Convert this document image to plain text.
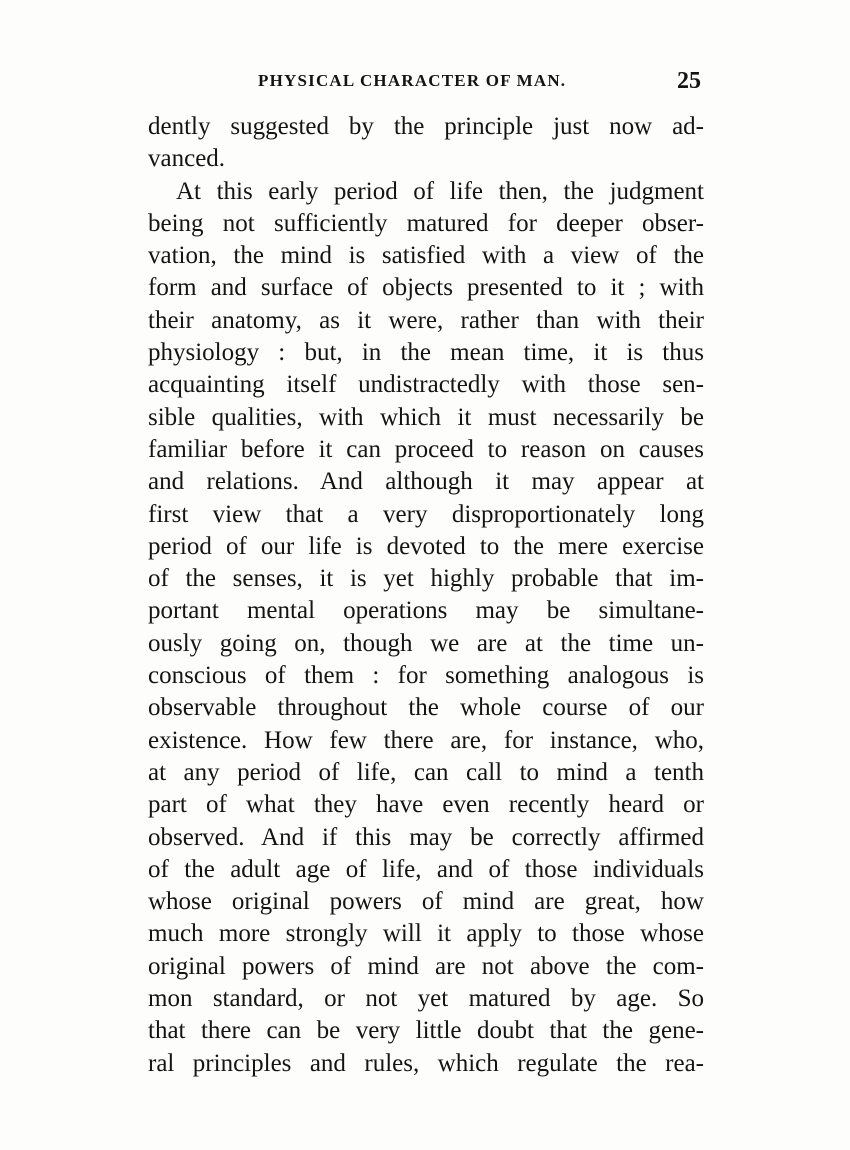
PHYSICAL CHARACTER OF MAN.	25
dently suggested by the principle just now ad-
vanced.
At this early period of life then, the judgment
being not sufficiently matured for deeper obser-
vation, the mind is satisfied with a view of the
form and surface of objects presented to it ; with
their anatomy, as it were, rather than with their
physiology : but, in the mean time, it is thus
acquainting itself undistractedly with those sen-
sible qualities, with which it must necessarily be
familiar before it can proceed to reason on causes
and relations. And although it may appear at
first view that a very disproportionately long
period of our life is devoted to the mere exercise
of the senses, it is yet highly probable that im-
portant mental operations may be simultane-
ously going on, though we are at the time un-
conscious of them : for something analogous is
observable throughout the whole course of our
existence. How few there are, for instance, who,
at any period of life, can call to mind a tenth
part of what they have even recently heard or
observed. And if this may be correctly affirmed
of the adult age of life, and of those individuals
whose original powers of mind are great, how
much more strongly will it apply to those whose
original powers of mind are not above the com-
mon standard, or not yet matured by age. So
that there can be very little doubt that the gene-
ral principles and rules, which regulate the rea-
